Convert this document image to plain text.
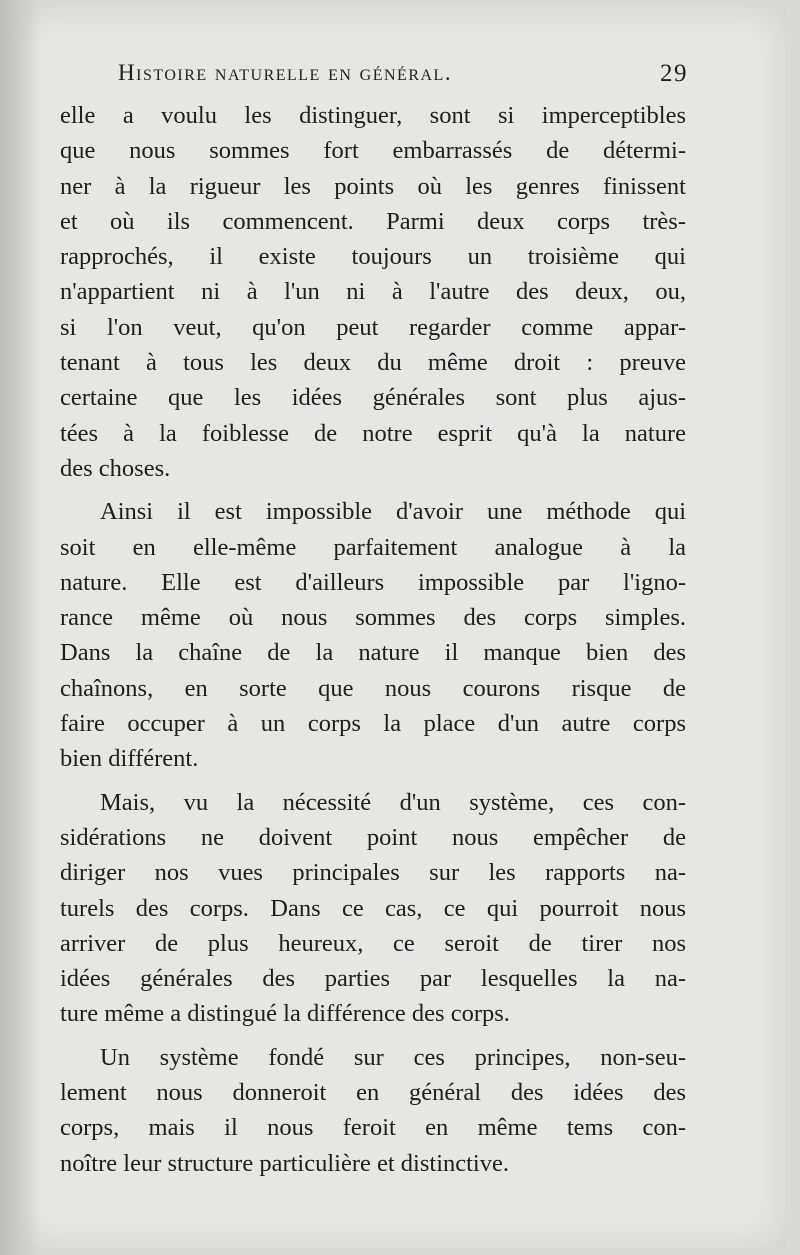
Histoire naturelle en général.	29
elle a voulu les distinguer, sont si imperceptibles
que nous sommes fort embarrassés de détermi-
ner à la rigueur les points où les genres finissent
et où ils commencent. Parmi deux corps très-
rapprochés, il existe toujours un troisième qui
n'appartient ni à l'un ni à l'autre des deux, ou,
si l'on veut, qu'on peut regarder comme appar-
tenant à tous les deux du même droit : preuve
certaine que les idées générales sont plus ajus-
tées à la foiblesse de notre esprit qu'à la nature
des choses.
Ainsi il est impossible d'avoir une méthode qui
soit en elle-même parfaitement analogue à la
nature. Elle est d'ailleurs impossible par l'igno-
rance même où nous sommes des corps simples.
Dans la chaîne de la nature il manque bien des
chaînons, en sorte que nous courons risque de
faire occuper à un corps la place d'un autre corps
bien différent.
Mais, vu la nécessité d'un système, ces con-
sidérations ne doivent point nous empêcher de
diriger nos vues principales sur les rapports na-
turels des corps. Dans ce cas, ce qui pourroit nous
arriver de plus heureux, ce seroit de tirer nos
idées générales des parties par lesquelles la na-
ture même a distingué la différence des corps.
Un système fondé sur ces principes, non-seu-
lement nous donneroit en général des idées des
corps, mais il nous feroit en même tems con-
noître leur structure particulière et distinctive.
